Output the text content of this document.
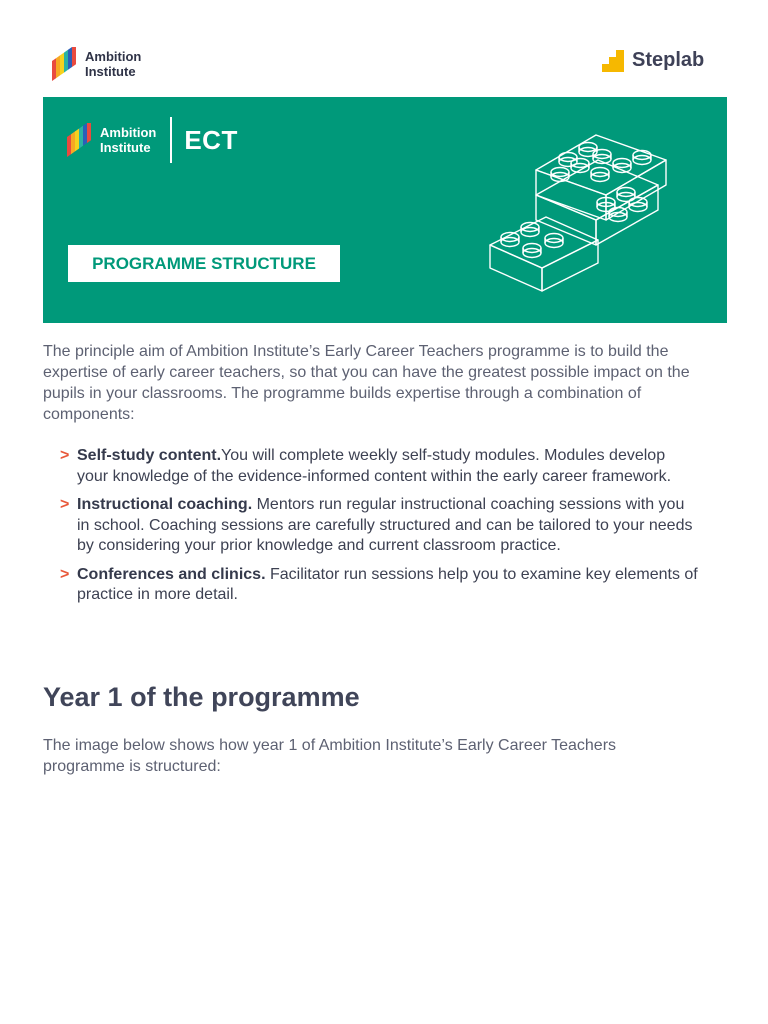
Ambition
Institute
Steplab
Ambition
Institute ECT
PROGRAMME STRUCTURE

The principle aim of Ambition Institute’s Early Career Teachers programme is to build the expertise of early career teachers, so that you can have the greatest possible impact on the pupils in your classrooms. The programme builds expertise through a combination of components:

> Self-study content.You will complete weekly self-study modules. Modules develop your knowledge of the evidence-informed content within the early career framework.
> Instructional coaching. Mentors run regular instructional coaching sessions with you in school. Coaching sessions are carefully structured and can be tailored to your needs by considering your prior knowledge and current classroom practice.
> Conferences and clinics. Facilitator run sessions help you to examine key elements of practice in more detail.
Year 1 of the programme

The image below shows how year 1 of Ambition Institute’s Early Career Teachers programme is structured:
